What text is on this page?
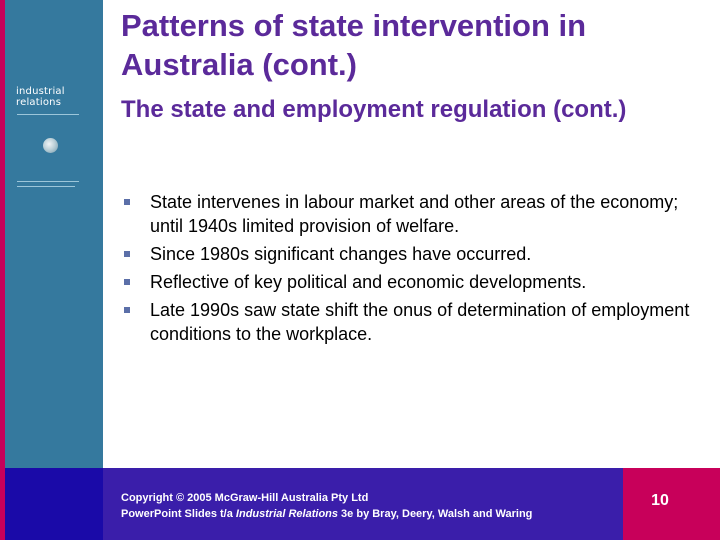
industrial
relations
Patterns of state intervention in Australia (cont.)
The state and employment regulation (cont.)
State intervenes in labour market and other areas of the economy; until 1940s limited provision of welfare.
Since 1980s significant changes have occurred.
Reflective of key political and economic developments.
Late 1990s saw state shift the onus of determination of employment conditions to the workplace.
Copyright © 2005 McGraw-Hill Australia Pty Ltd
PowerPoint Slides t/a Industrial Relations 3e by Bray, Deery, Walsh and Waring
10
